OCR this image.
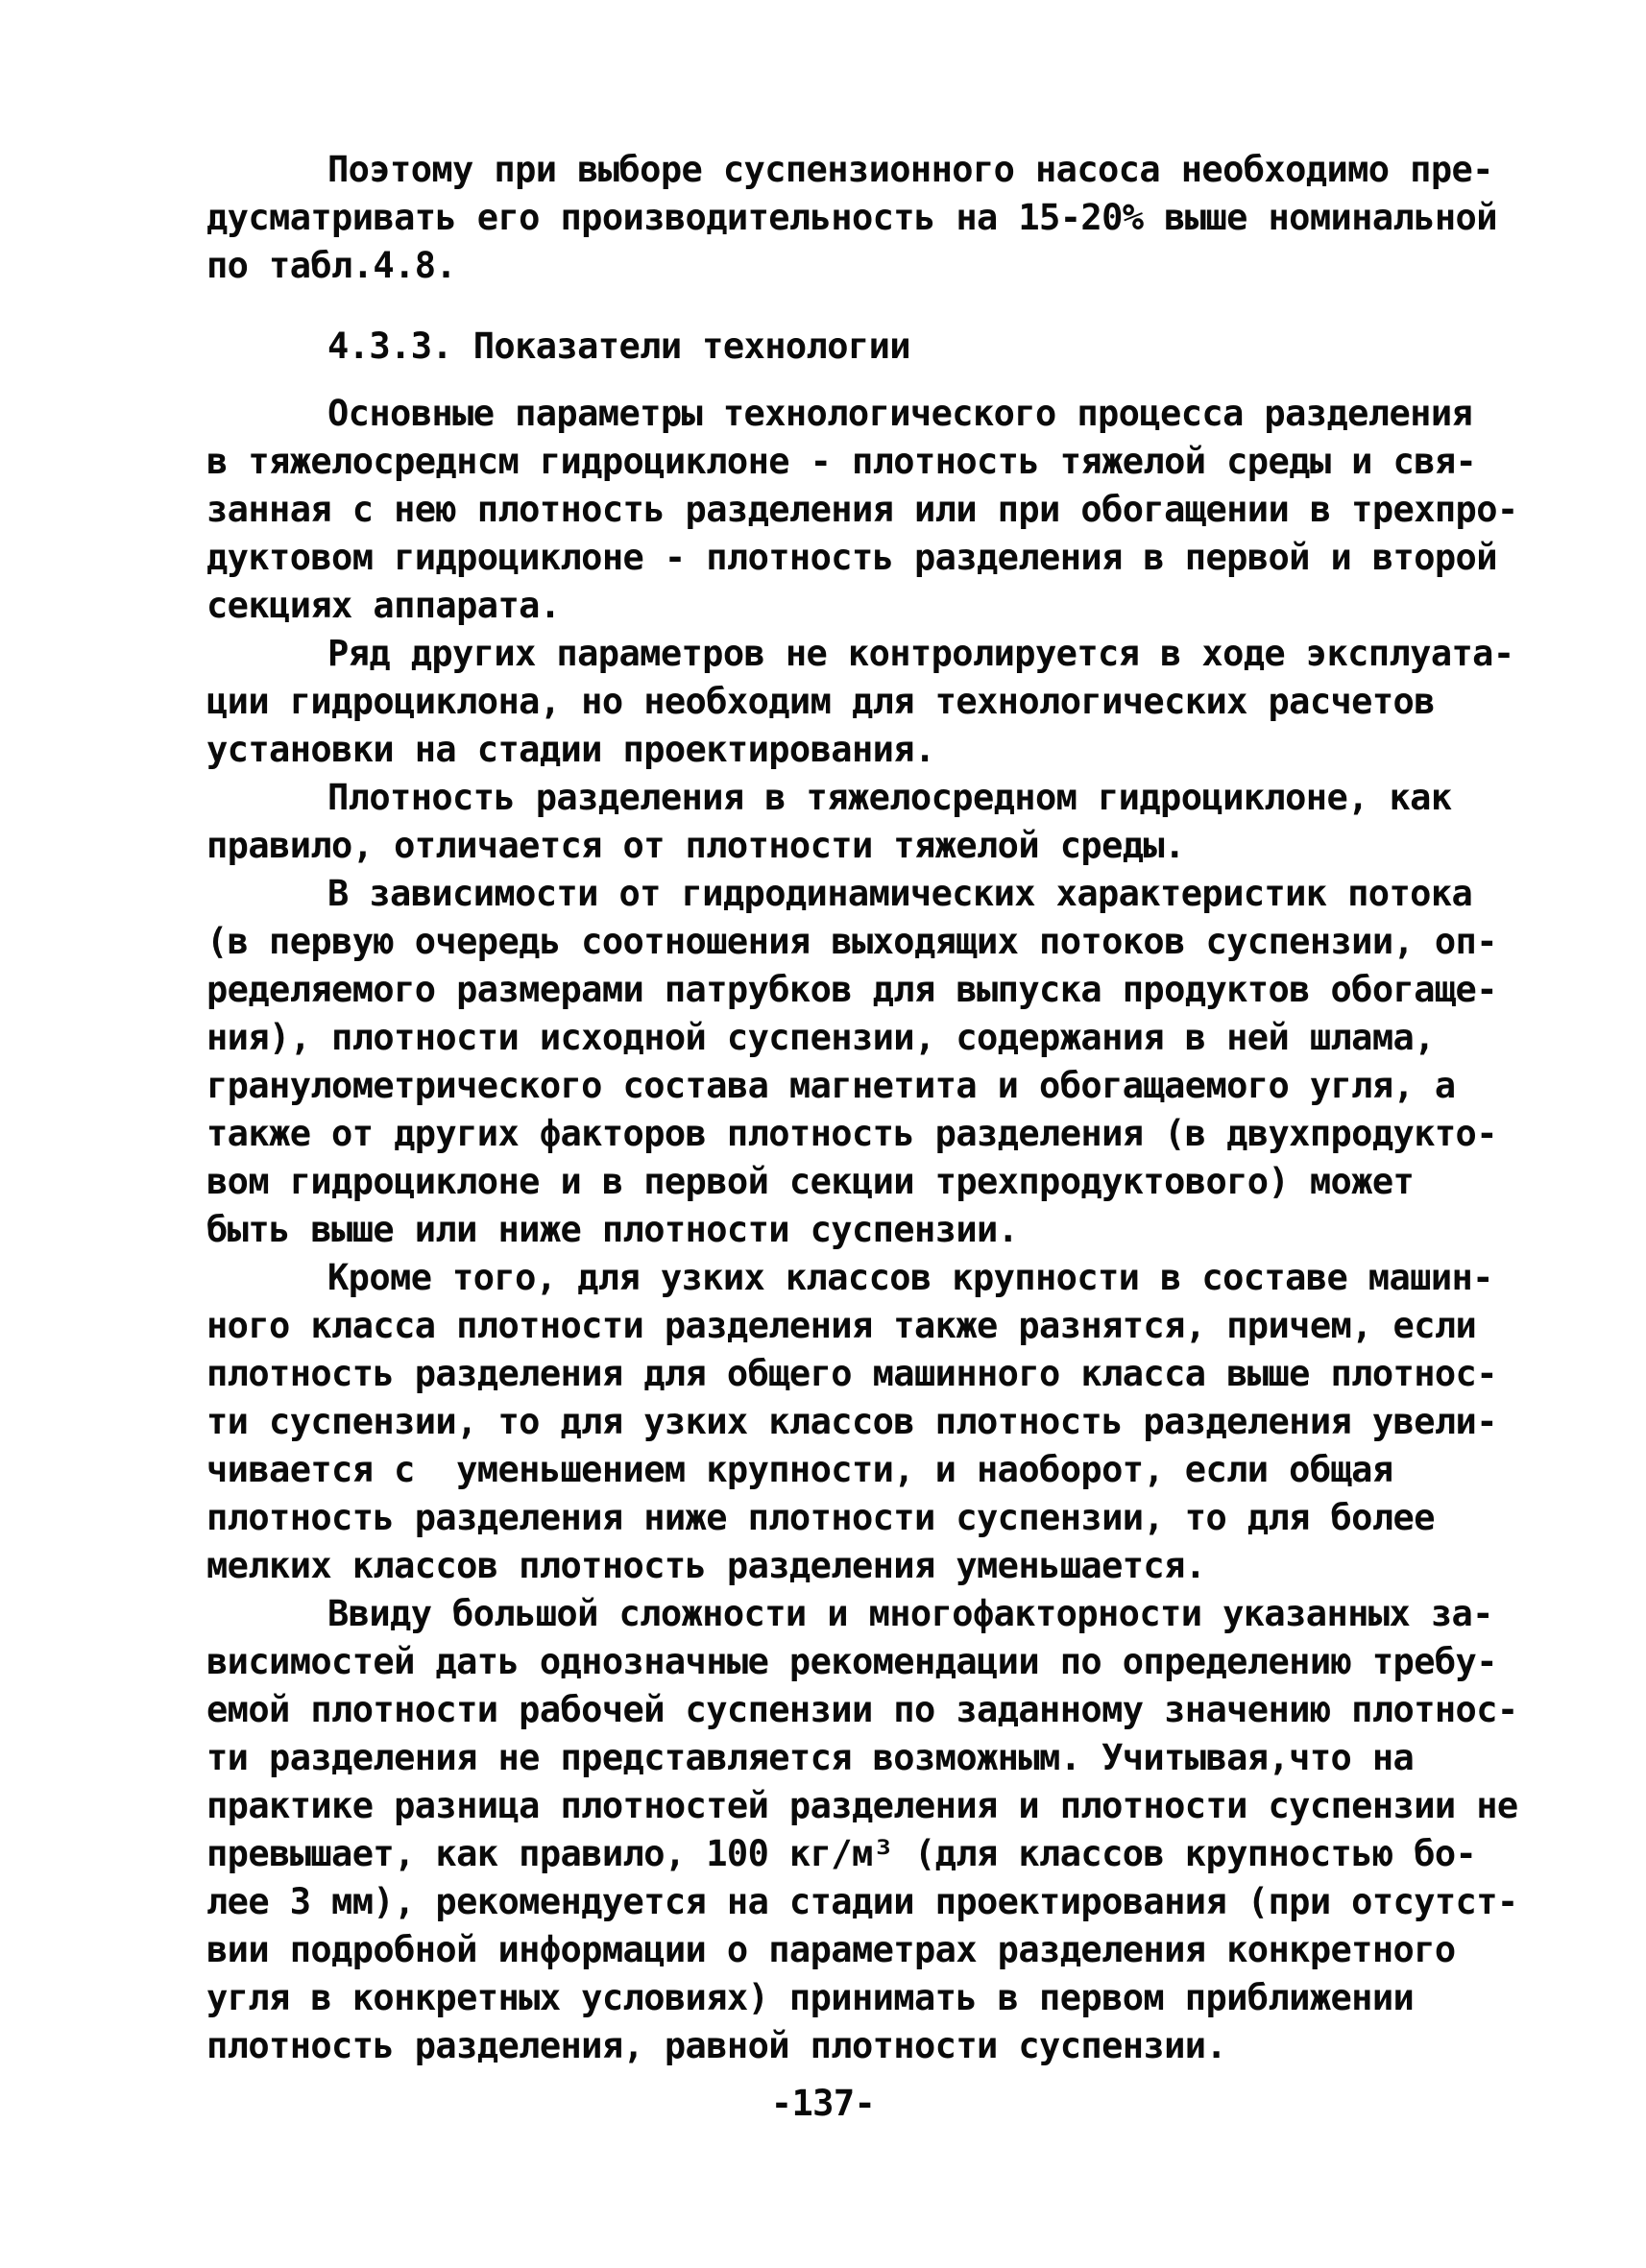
Поэтому при выборе суспензионного насоса необходимо пре-
дусматривать его производительность на 15-20% выше номинальной
по табл.4.8.
4.3.3. Показатели технологии
Основные параметры технологического процесса разделения
в тяжелосреднсм гидроциклоне - плотность тяжелой среды и свя-
занная с нею плотность разделения или при обогащении в трехпро-
дуктовом гидроциклоне - плотность разделения в первой и второй
секциях аппарата.
Ряд других параметров не контролируется в ходе эксплуата-
ции гидроциклона, но необходим для технологических расчетов
установки на стадии проектирования.
Плотность разделения в тяжелосредном гидроциклоне, как
правило, отличается от плотности тяжелой среды.
В зависимости от гидродинамических характеристик потока
(в первую очередь соотношения выходящих потоков суспензии, оп-
ределяемого размерами патрубков для выпуска продуктов обогаще-
ния), плотности исходной суспензии, содержания в ней шлама,
гранулометрического состава магнетита и обогащаемого угля, а
также от других факторов плотность разделения (в двухпродукто-
вом гидроциклоне и в первой секции трехпродуктового) может
быть выше или ниже плотности суспензии.
Кроме того, для узких классов крупности в составе машин-
ного класса плотности разделения также разнятся, причем, если
плотность разделения для общего машинного класса выше плотнос-
ти суспензии, то для узких классов плотность разделения увели-
чивается с  уменьшением крупности, и наоборот, если общая
плотность разделения ниже плотности суспензии, то для более
мелких классов плотность разделения уменьшается.
Ввиду большой сложности и многофакторности указанных за-
висимостей дать однозначные рекомендации по определению требу-
емой плотности рабочей суспензии по заданному значению плотнос-
ти разделения не представляется возможным. Учитывая,что на
практике разница плотностей разделения и плотности суспензии не
превышает, как правило, 100 кг/м³ (для классов крупностью бо-
лее 3 мм), рекомендуется на стадии проектирования (при отсутст-
вии подробной информации о параметрах разделения конкретного
угля в конкретных условиях) принимать в первом приближении
плотность разделения, равной плотности суспензии.
-137-
